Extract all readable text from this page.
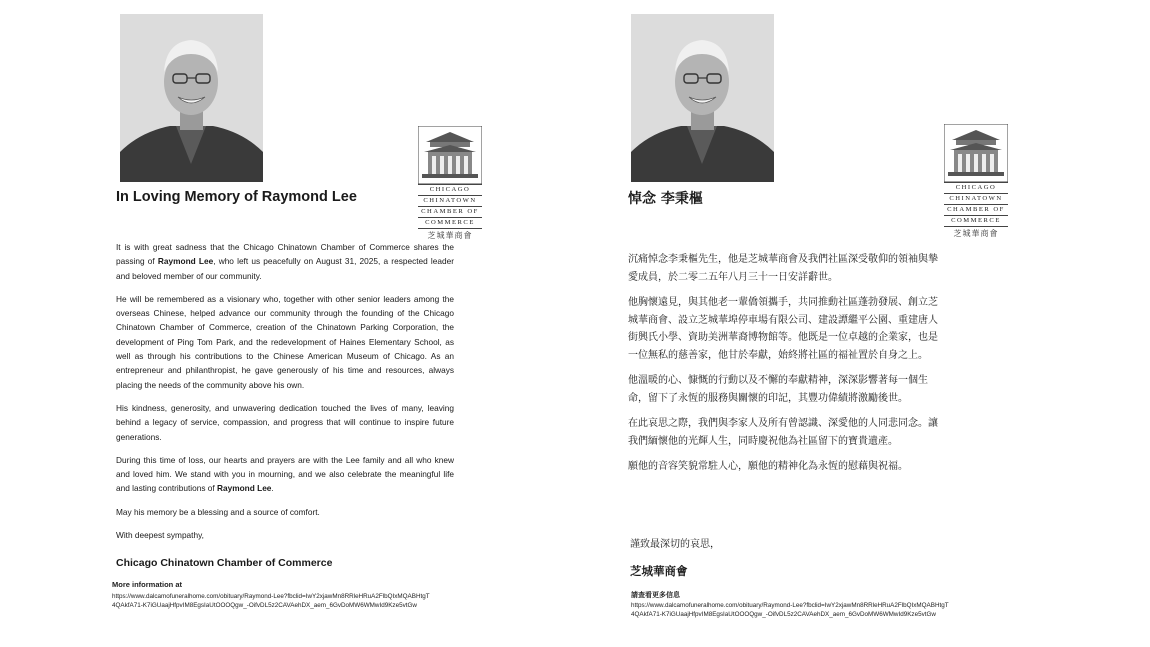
CHICAGO
CHINATOWN
CHAMBER OF
COMMERCE
芝城華商會
In Loving Memory of Raymond Lee

It is with great sadness that the Chicago Chinatown Chamber of Commerce shares the passing of Raymond Lee, who left us peacefully on August 31, 2025, a respected leader and beloved member of our community.

He will be remembered as a visionary who, together with other senior leaders among the overseas Chinese, helped advance our community through the founding of the Chicago Chinatown Chamber of Commerce, creation of the Chinatown Parking Corporation, the development of Ping Tom Park, and the redevelopment of Haines Elementary School, as well as through his contributions to the Chinese American Museum of Chicago. As an entrepreneur and philanthropist, he gave generously of his time and resources, always placing the needs of the community above his own.

His kindness, generosity, and unwavering dedication touched the lives of many, leaving behind a legacy of service, compassion, and progress that will continue to inspire future generations.

During this time of loss, our hearts and prayers are with the Lee family and all who knew and loved him. We stand with you in mourning, and we also celebrate the meaningful life and lasting contributions of Raymond Lee.

May his memory be a blessing and a source of comfort.

With deepest sympathy,

Chicago Chinatown Chamber of Commerce
More information at
https://www.dalcamofuneralhome.com/obituary/Raymond-Lee?fbclid=IwY2xjawMn8RRleHRuA2FlbQIxMQABHtgT4QAkfA71-K7iGUaajHfpvIM8EgsIaUtOOOQgw_-OifvDL5z2CAVAehDX_aem_6GvDoMW6WMwId9Kze5vtGw
CHICAGO
CHINATOWN
CHAMBER OF
COMMERCE
芝城華商會
悼念 李秉樞

沉痛悼念李秉樞先生，他是芝城華商會及我們社區深受敬仰的領袖與摯愛成員，於二零二五年八月三十一日安詳辭世。

他胸懷遠見，與其他老一輩僑領攜手，共同推動社區蓬勃發展、創立芝城華商會、設立芝城華埠停車場有限公司、建設譚繼平公園、重建唐人街興氏小學、資助美洲華裔博物館等。他既是一位卓越的企業家，也是一位無私的慈善家，他甘於奉獻，始終將社區的福祉置於自身之上。

他溫暖的心、慷慨的行動以及不懈的奉獻精神，深深影響著每一個生命，留下了永恆的服務與關懷的印記，其豐功偉績將激勵後世。

在此哀思之際，我們與李家人及所有曾認識、深愛他的人同悲同念。讓我們緬懷他的光輝人生，同時慶祝他為社區留下的寶貴遺產。

願他的音容笑貌常駐人心，願他的精神化為永恆的慰藉與祝福。

謹致最深切的哀思，
芝城華商會
請查看更多信息
https://www.dalcamofuneralhome.com/obituary/Raymond-Lee?fbclid=IwY2xjawMn8RRleHRuA2FlbQIxMQABHtgT4QAkfA71-K7iGUaajHfpvIM8EgsIaUtOOOQgw_-OifvDL5z2CAVAehDX_aem_6GvDoMW6WMwId9Kze5vtGw
